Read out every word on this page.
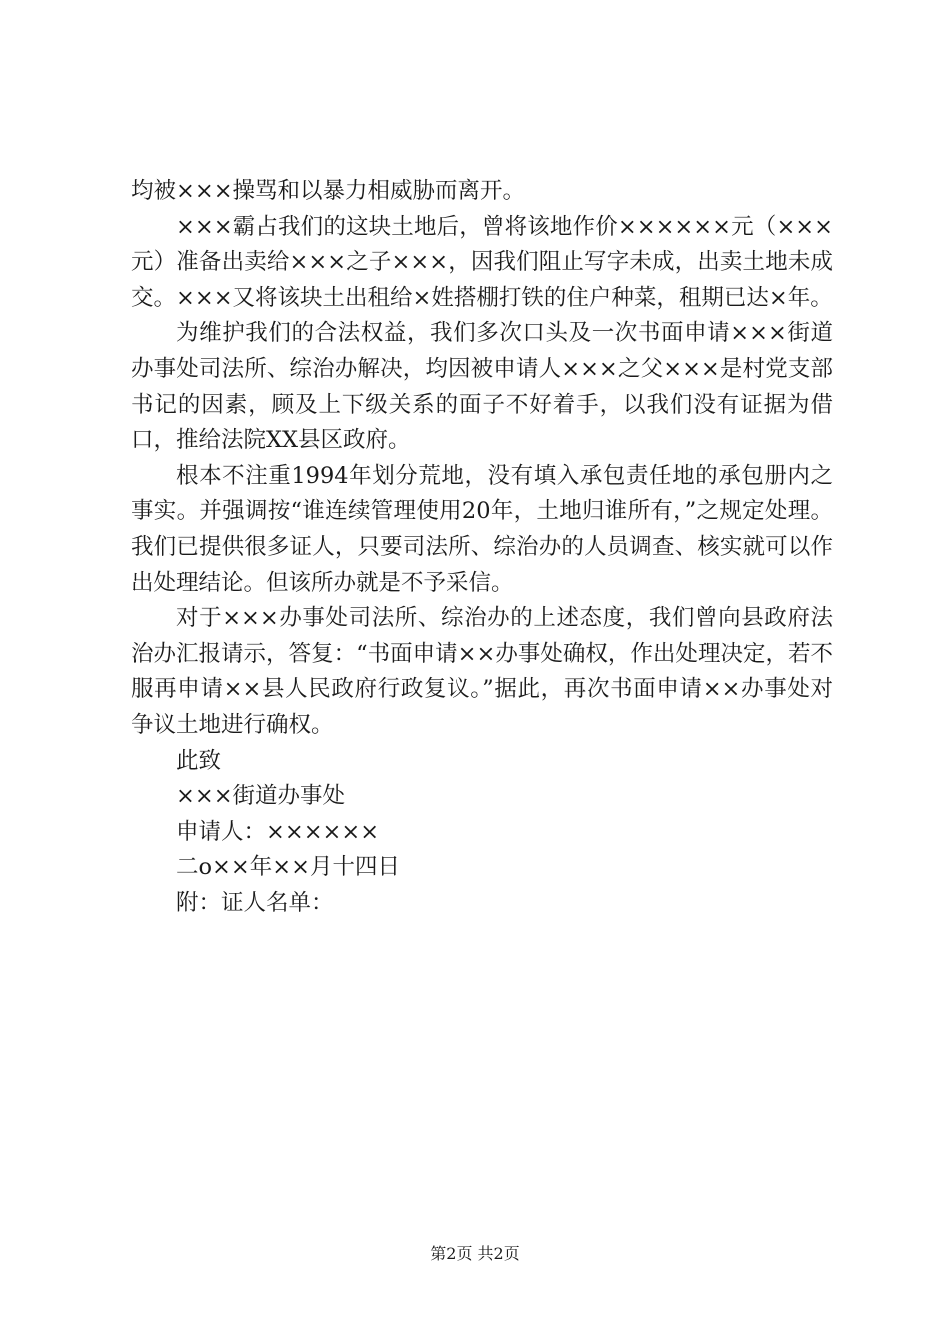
均被×××操骂和以暴力相威胁而离开。

×××霸占我们的这块土地后，曾将该地作价××××××元（×××元）准备出卖给×××之子×××，因我们阻止写字未成，出卖土地未成交。×××又将该块土出租给×姓搭棚打铁的住户种菜，租期已达×年。

为维护我们的合法权益，我们多次口头及一次书面申请×××街道办事处司法所、综治办解决，均因被申请人×××之父×××是村党支部书记的因素，顾及上下级关系的面子不好着手，以我们没有证据为借口，推给法院XX县区政府。

根本不注重1994年划分荒地，没有填入承包责任地的承包册内之事实。并强调按“谁连续管理使用20年，土地归谁所有，”之规定处理。我们已提供很多证人，只要司法所、综治办的人员调查、核实就可以作出处理结论。但该所办就是不予采信。

对于×××办事处司法所、综治办的上述态度，我们曾向县政府法治办汇报请示，答复：“书面申请××办事处确权，作出处理决定，若不服再申请××县人民政府行政复议。”据此，再次书面申请××办事处对争议土地进行确权。

此致

×××街道办事处

申请人：××××××

二o××年××月十四日

附：证人名单：

第2页 共2页
